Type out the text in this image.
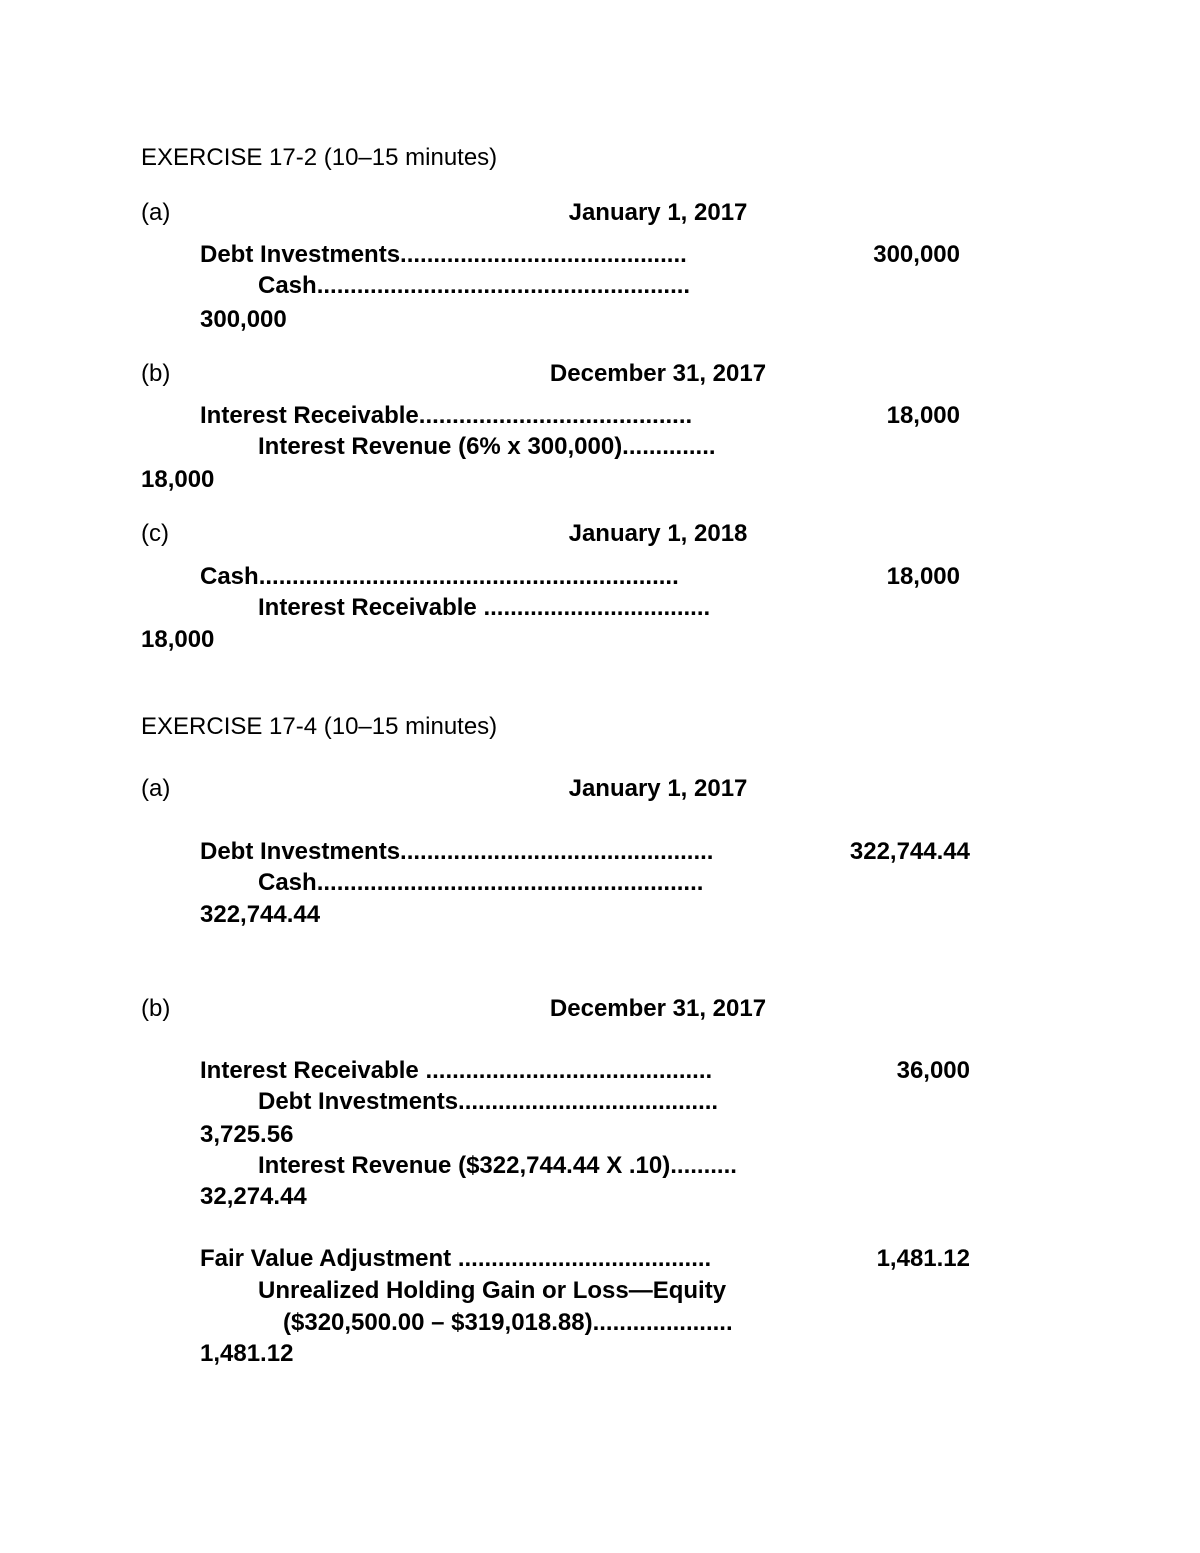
EXERCISE 17-2 (10–15 minutes)
(a)	January 1, 2017
Debt Investments...........................................	300,000
Cash........................................................
300,000
(b)	December 31, 2017
Interest Receivable.........................................	18,000
Interest Revenue (6% x 300,000)..............
18,000
(c)	January 1, 2018
Cash...............................................................	18,000
Interest Receivable ..................................
18,000
EXERCISE 17-4 (10–15 minutes)
(a)	January 1, 2017
Debt Investments...............................................	322,744.44
Cash..........................................................
322,744.44
(b)	December 31, 2017
Interest Receivable ...........................................	36,000
Debt Investments.......................................
3,725.56
Interest Revenue ($322,744.44 X .10)..........
32,274.44
Fair Value Adjustment ......................................	1,481.12
Unrealized Holding Gain or Loss—Equity
($320,500.00 – $319,018.88).....................
1,481.12
